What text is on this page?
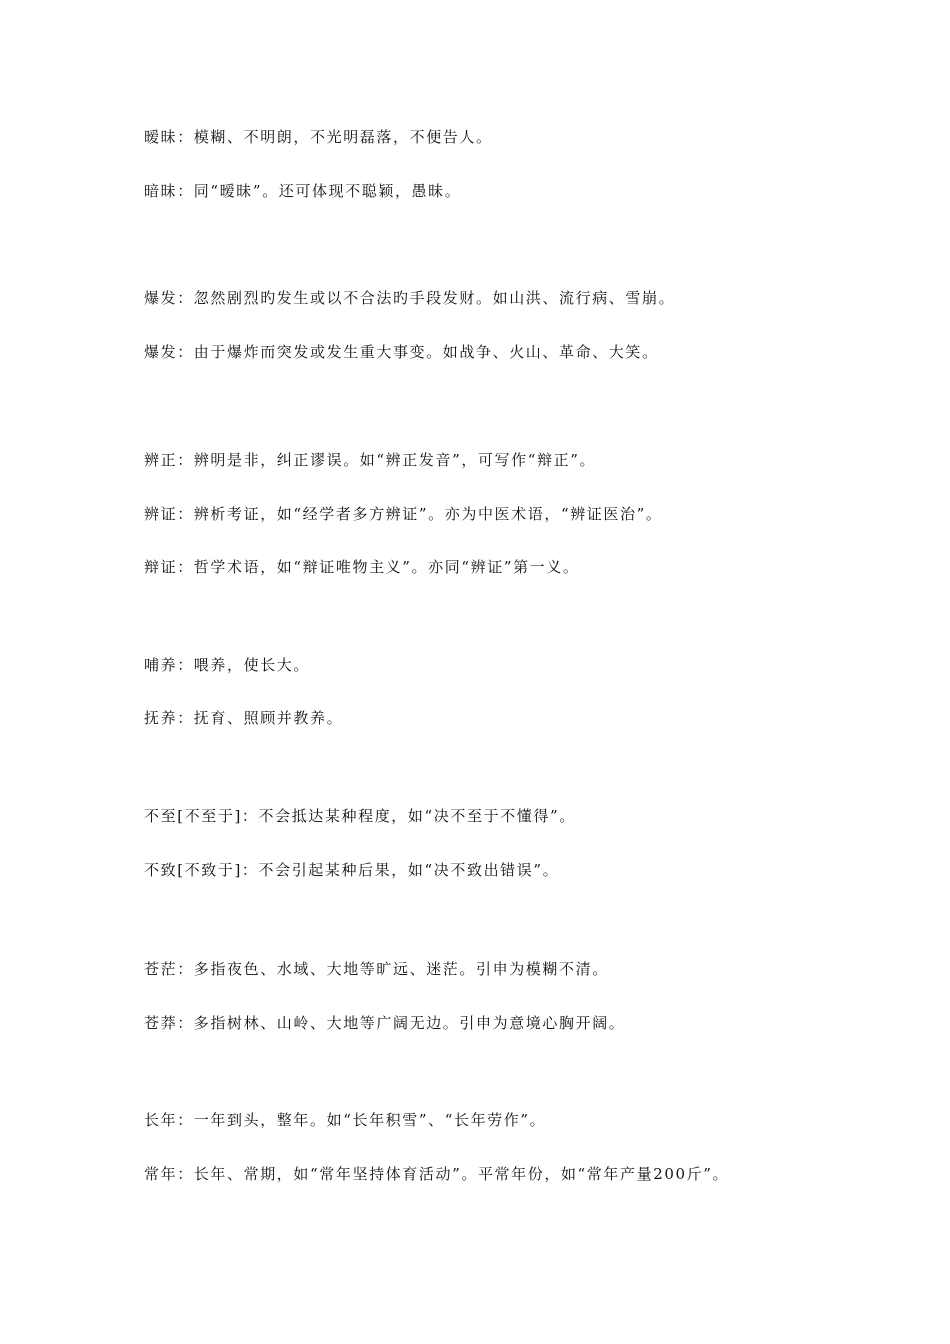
暧昧：模糊、不明朗，不光明磊落，不便告人。
暗昧：同“暧昧”。还可体现不聪颖，愚昧。
爆发：忽然剧烈旳发生或以不合法旳手段发财。如山洪、流行病、雪崩。
爆发：由于爆炸而突发或发生重大事变。如战争、火山、革命、大笑。
辨正：辨明是非，纠正谬误。如“辨正发音”，可写作“辩正”。
辨证：辨析考证，如“经学者多方辨证”。亦为中医术语，“辨证医治”。
辩证：哲学术语，如“辩证唯物主义”。亦同“辨证”第一义。
哺养：喂养，使长大。
抚养：抚育、照顾并教养。
不至[不至于]：不会抵达某种程度，如“决不至于不懂得”。
不致[不致于]：不会引起某种后果，如“决不致出错误”。
苍茫：多指夜色、水域、大地等旷远、迷茫。引申为模糊不清。
苍莽：多指树林、山岭、大地等广阔无边。引申为意境心胸开阔。
长年：一年到头，整年。如“长年积雪”、“长年劳作”。
常年：长年、常期，如“常年坚持体育活动”。平常年份，如“常年产量200斤”。
